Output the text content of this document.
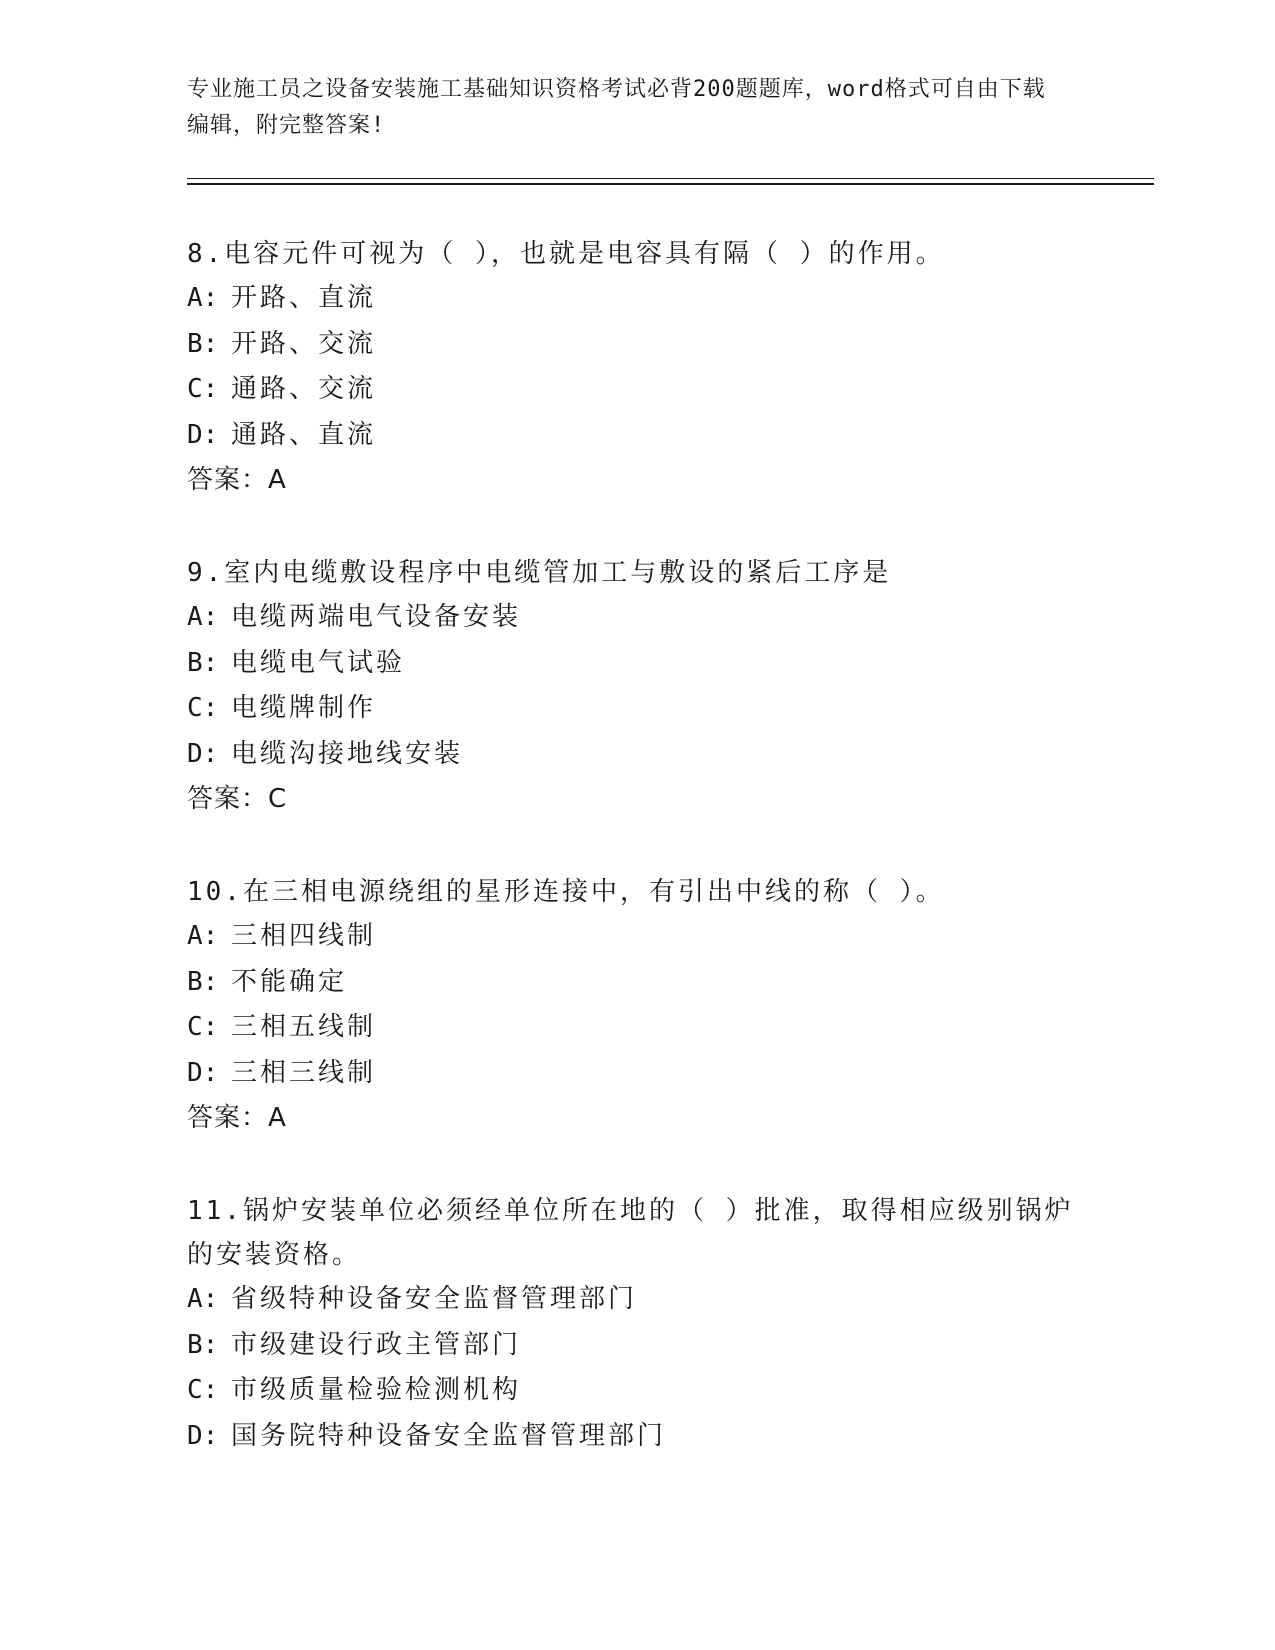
专业施工员之设备安装施工基础知识资格考试必背200题题库，word格式可自由下载编辑，附完整答案!
8.电容元件可视为（ ），也就是电容具有隔（ ）的作用。
A: 开路、直流
B: 开路、交流
C: 通路、交流
D: 通路、直流
答案：A
9.室内电缆敷设程序中电缆管加工与敷设的紧后工序是
A: 电缆两端电气设备安装
B: 电缆电气试验
C: 电缆牌制作
D: 电缆沟接地线安装
答案：C
10.在三相电源绕组的星形连接中，有引出中线的称（ ）。
A: 三相四线制
B: 不能确定
C: 三相五线制
D: 三相三线制
答案：A
11.锅炉安装单位必须经单位所在地的（ ）批准，取得相应级别锅炉的安装资格。
A: 省级特种设备安全监督管理部门
B: 市级建设行政主管部门
C: 市级质量检验检测机构
D: 国务院特种设备安全监督管理部门
